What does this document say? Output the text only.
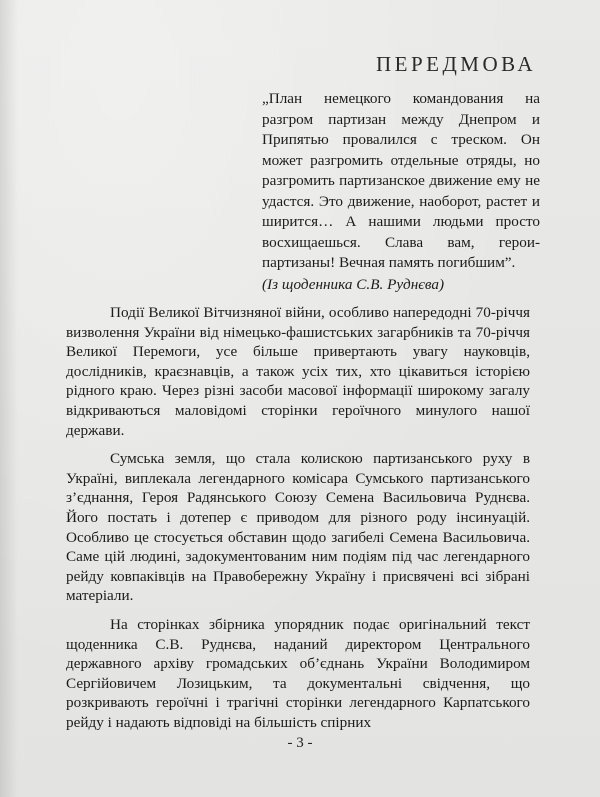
ПЕРЕДМОВА

„План немецкого командования на разгром партизан между Днепром и Припятью провалился с треском. Он может разгромить отдельные отряды, но разгромить партизанское движение ему не удастся. Это движение, наоборот, растет и ширится… А нашими людьми просто восхищаешься. Слава вам, герои-партизаны! Вечная память погибшим”.

(Із щоденника С.В. Руднєва)

Події Великої Вітчизняної війни, особливо напередодні 70-річчя визволення України від німецько-фашистських загарбників та 70-річчя Великої Перемоги, усе більше привертають увагу науковців, дослідників, краєзнавців, а також усіх тих, хто цікавиться історією рідного краю. Через різні засоби масової інформації широкому загалу відкриваються маловідомі сторінки героїчного минулого нашої держави.

Сумська земля, що стала колискою партизанського руху в Україні, виплекала легендарного комісара Сумського партизанського з’єднання, Героя Радянського Союзу Семена Васильовича Руднєва. Його постать і дотепер є приводом для різного роду інсинуацій. Особливо це стосується обставин щодо загибелі Семена Васильовича. Саме цій людині, задокументованим ним подіям під час легендарного рейду ковпаківців на Правобережну Україну і присвячені всі зібрані матеріали.

На сторінках збірника упорядник подає оригінальний текст щоденника С.В. Руднєва, наданий директором Центрального державного архіву громадських об’єднань України Володимиром Сергійовичем Лозицьким, та документальні свідчення, що розкривають героїчні і трагічні сторінки легендарного Карпатського рейду і надають відповіді на більшість спірних

- 3 -
